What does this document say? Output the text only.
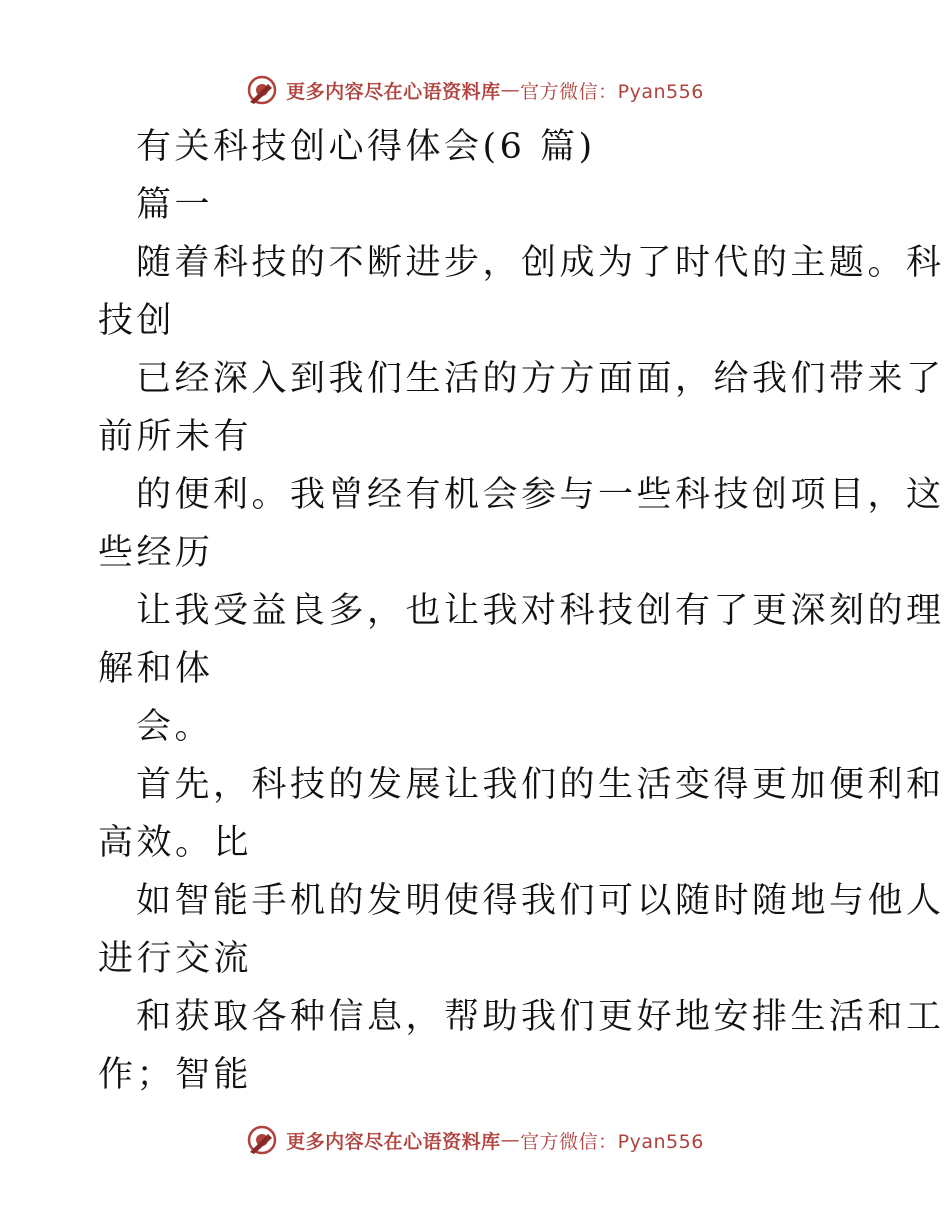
更多内容尽在心语资料库 — 官方微信：Pyan556
有关科技创心得体会(6 篇)
篇一
随着科技的不断进步，创成为了时代的主题。科
技创
已经深入到我们生活的方方面面，给我们带来了
前所未有
的便利。我曾经有机会参与一些科技创项目，这
些经历
让我受益良多，也让我对科技创有了更深刻的理
解和体
会。
首先，科技的发展让我们的生活变得更加便利和
高效。比
如智能手机的发明使得我们可以随时随地与他人
进行交流
和获取各种信息，帮助我们更好地安排生活和工
作；智能
更多内容尽在心语资料库 — 官方微信：Pyan556
